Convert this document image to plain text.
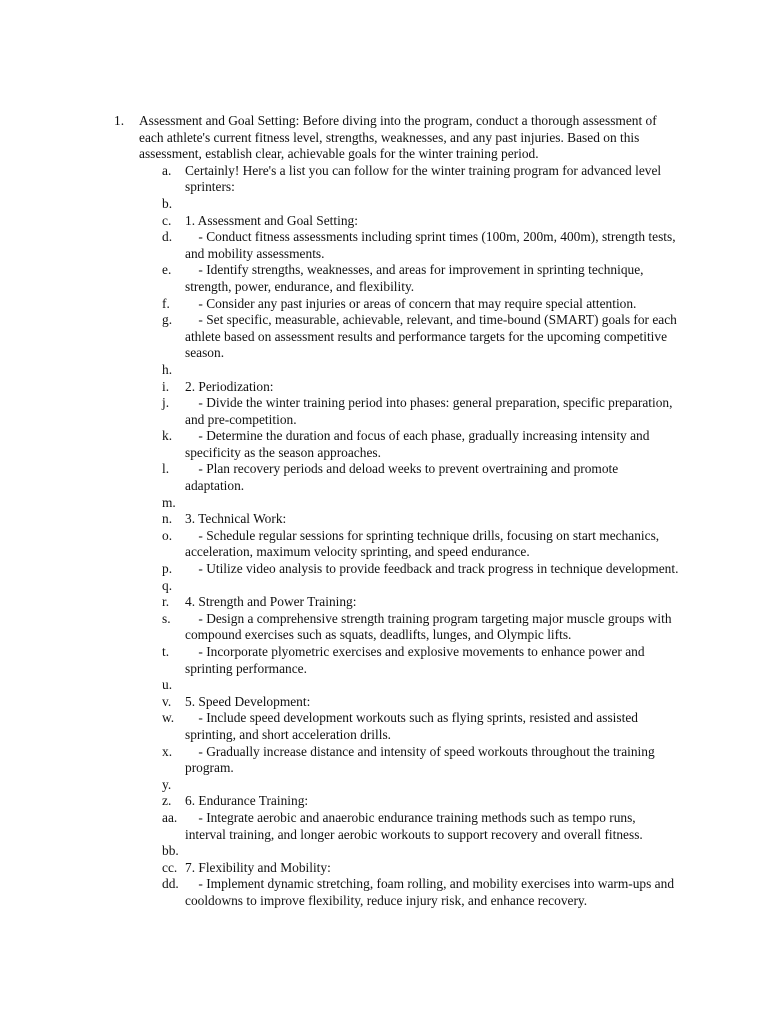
1. Assessment and Goal Setting: Before diving into the program, conduct a thorough assessment of each athlete's current fitness level, strengths, weaknesses, and any past injuries. Based on this assessment, establish clear, achievable goals for the winter training period.
a. Certainly! Here's a list you can follow for the winter training program for advanced level sprinters:
b.
c. 1. Assessment and Goal Setting:
d. - Conduct fitness assessments including sprint times (100m, 200m, 400m), strength tests, and mobility assessments.
e. - Identify strengths, weaknesses, and areas for improvement in sprinting technique, strength, power, endurance, and flexibility.
f. - Consider any past injuries or areas of concern that may require special attention.
g. - Set specific, measurable, achievable, relevant, and time-bound (SMART) goals for each athlete based on assessment results and performance targets for the upcoming competitive season.
h.
i. 2. Periodization:
j. - Divide the winter training period into phases: general preparation, specific preparation, and pre-competition.
k. - Determine the duration and focus of each phase, gradually increasing intensity and specificity as the season approaches.
l. - Plan recovery periods and deload weeks to prevent overtraining and promote adaptation.
m.
n. 3. Technical Work:
o. - Schedule regular sessions for sprinting technique drills, focusing on start mechanics, acceleration, maximum velocity sprinting, and speed endurance.
p. - Utilize video analysis to provide feedback and track progress in technique development.
q.
r. 4. Strength and Power Training:
s. - Design a comprehensive strength training program targeting major muscle groups with compound exercises such as squats, deadlifts, lunges, and Olympic lifts.
t. - Incorporate plyometric exercises and explosive movements to enhance power and sprinting performance.
u.
v. 5. Speed Development:
w. - Include speed development workouts such as flying sprints, resisted and assisted sprinting, and short acceleration drills.
x. - Gradually increase distance and intensity of speed workouts throughout the training program.
y.
z. 6. Endurance Training:
aa. - Integrate aerobic and anaerobic endurance training methods such as tempo runs, interval training, and longer aerobic workouts to support recovery and overall fitness.
bb.
cc. 7. Flexibility and Mobility:
dd. - Implement dynamic stretching, foam rolling, and mobility exercises into warm-ups and cooldowns to improve flexibility, reduce injury risk, and enhance recovery.
